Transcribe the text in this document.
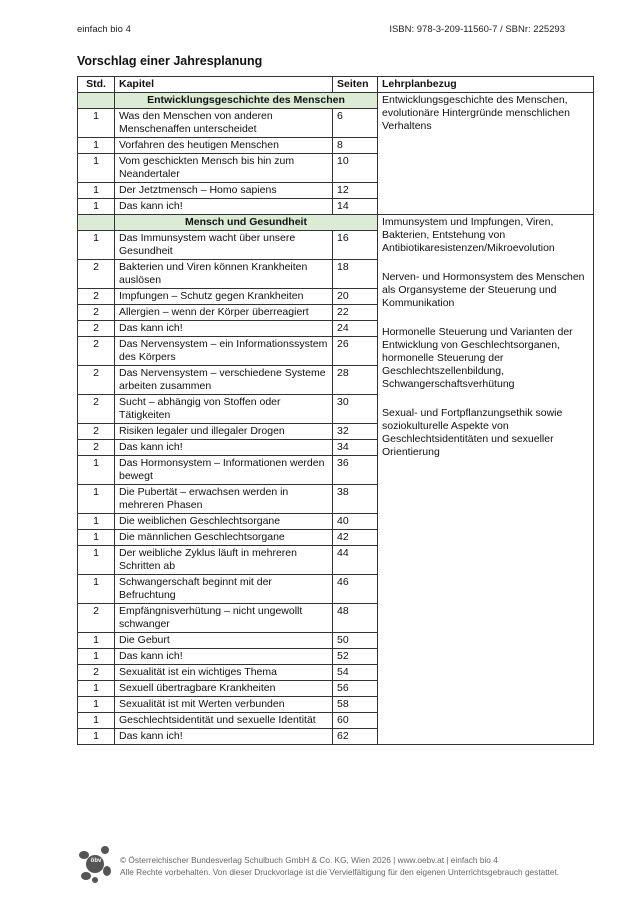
einfach bio 4	ISBN: 978-3-209-11560-7 / SBNr: 225293
Vorschlag einer Jahresplanung
Std.	Kapitel	Seiten	Lehrplanbezug
	Entwicklungsgeschichte des Menschen		Entwicklungsgeschichte des Menschen, evolutionäre Hintergründe menschlichen Verhaltens

1	Was den Menschen von anderen Menschenaffen unterscheidet	6	
1	Vorfahren des heutigen Menschen	8	
1	Vom geschickten Mensch bis hin zum Neandertaler	10	
1	Der Jetztmensch – Homo sapiens	12	
1	Das kann ich!	14	
	Mensch und Gesundheit		Immunsystem und Impfungen, Viren, Bakterien, Entstehung von Antibiotikaresistenzen/Mikroevolution

Nerven- und Hormonsystem des Menschen als Organsysteme der Steuerung und Kommunikation

Hormonelle Steuerung und Varianten der Entwicklung von Geschlechtsorganen, hormonelle Steuerung der Geschlechtszellenbildung, Schwangerschaftsverhütung

Sexual- und Fortpflanzungsethik sowie soziokulturelle Aspekte von Geschlechtsidentitäten und sexueller Orientierung

1	Das Immunsystem wacht über unsere Gesundheit	16	
2	Bakterien und Viren können Krankheiten auslösen	18	
2	Impfungen – Schutz gegen Krankheiten	20	
2	Allergien – wenn der Körper überreagiert	22	
2	Das kann ich!	24	
2	Das Nervensystem – ein Informationssystem des Körpers	26	
2	Das Nervensystem – verschiedene Systeme arbeiten zusammen	28	
2	Sucht – abhängig von Stoffen oder Tätigkeiten	30	
2	Risiken legaler und illegaler Drogen	32	
2	Das kann ich!	34	
1	Das Hormonsystem – Informationen werden bewegt	36	
1	Die Pubertät – erwachsen werden in mehreren Phasen	38	
1	Die weiblichen Geschlechtsorgane	40	
1	Die männlichen Geschlechtsorgane	42	
1	Der weibliche Zyklus läuft in mehreren Schritten ab	44	
1	Schwangerschaft beginnt mit der Befruchtung	46	
2	Empfängnisverhütung – nicht ungewollt schwanger	48	
1	Die Geburt	50	
1	Das kann ich!	52	
2	Sexualität ist ein wichtiges Thema	54	
1	Sexuell übertragbare Krankheiten	56	
1	Sexualität ist mit Werten verbunden	58	
1	Geschlechtsidentität und sexuelle Identität	60	
1	Das kann ich!	62	
öbv	© Österreichischer Bundesverlag Schulbuch GmbH & Co. KG, Wien 2026 | www.oebv.at | einfach bio 4
Alle Rechte vorbehalten. Von dieser Druckvorlage ist die Vervielfältigung für den eigenen Unterrichtsgebrauch gestattet.
